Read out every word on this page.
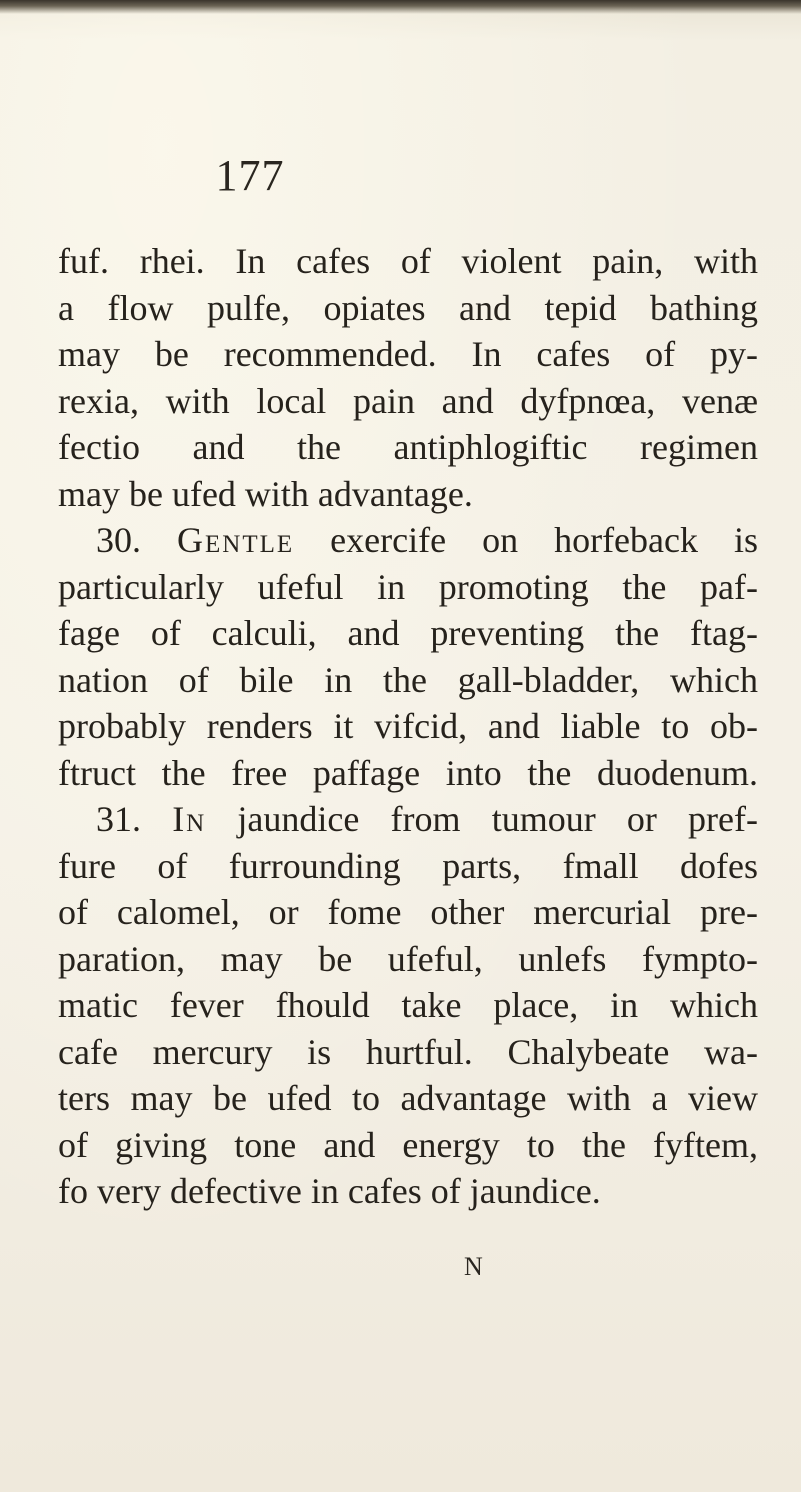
177
fuf. rhei. In cafes of violent pain, with
a flow pulfe, opiates and tepid bathing
may be recommended. In cafes of py-
rexia, with local pain and dyfpnœa, venæ
fectio and the antiphlogiftic regimen
may be ufed with advantage.
30. Gentle exercife on horfeback is
particularly ufeful in promoting the paf-
fage of calculi, and preventing the ftag-
nation of bile in the gall-bladder, which
probably renders it vifcid, and liable to ob-
ftruct the free paffage into the duodenum.
31. In jaundice from tumour or pref-
fure of furrounding parts, fmall dofes
of calomel, or fome other mercurial pre-
paration, may be ufeful, unlefs fympto-
matic fever fhould take place, in which
cafe mercury is hurtful. Chalybeate wa-
ters may be ufed to advantage with a view
of giving tone and energy to the fyftem,
fo very defective in cafes of jaundice.
N
